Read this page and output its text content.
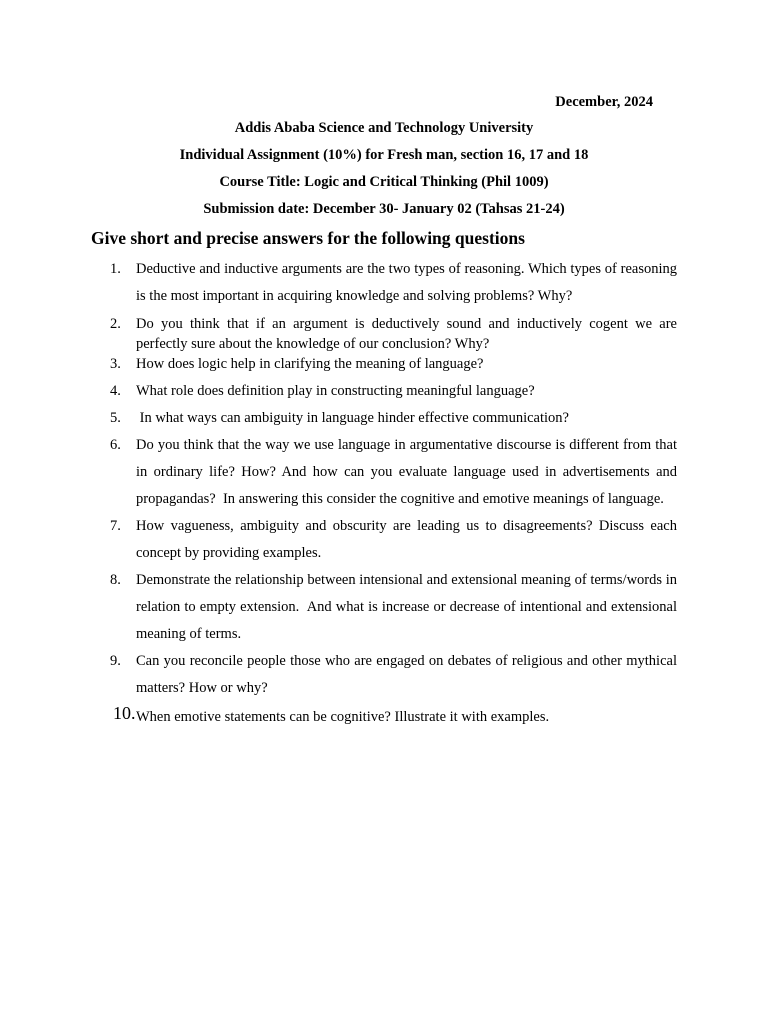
December, 2024
Addis Ababa Science and Technology University
Individual Assignment (10%) for Fresh man, section 16, 17 and 18
Course Title: Logic and Critical Thinking (Phil 1009)
Submission date: December 30- January 02 (Tahsas 21-24)
Give short and precise answers for the following questions
1. Deductive and inductive arguments are the two types of reasoning. Which types of reasoning is the most important in acquiring knowledge and solving problems? Why?
2. Do you think that if an argument is deductively sound and inductively cogent we are perfectly sure about the knowledge of our conclusion? Why?
3. How does logic help in clarifying the meaning of language?
4. What role does definition play in constructing meaningful language?
5. In what ways can ambiguity in language hinder effective communication?
6. Do you think that the way we use language in argumentative discourse is different from that in ordinary life? How? And how can you evaluate language used in advertisements and propagandas?  In answering this consider the cognitive and emotive meanings of language.
7. How vagueness, ambiguity and obscurity are leading us to disagreements? Discuss each concept by providing examples.
8. Demonstrate the relationship between intensional and extensional meaning of terms/words in relation to empty extension.  And what is increase or decrease of intentional and extensional meaning of terms.
9. Can you reconcile people those who are engaged on debates of religious and other mythical matters? How or why?
10. When emotive statements can be cognitive? Illustrate it with examples.
